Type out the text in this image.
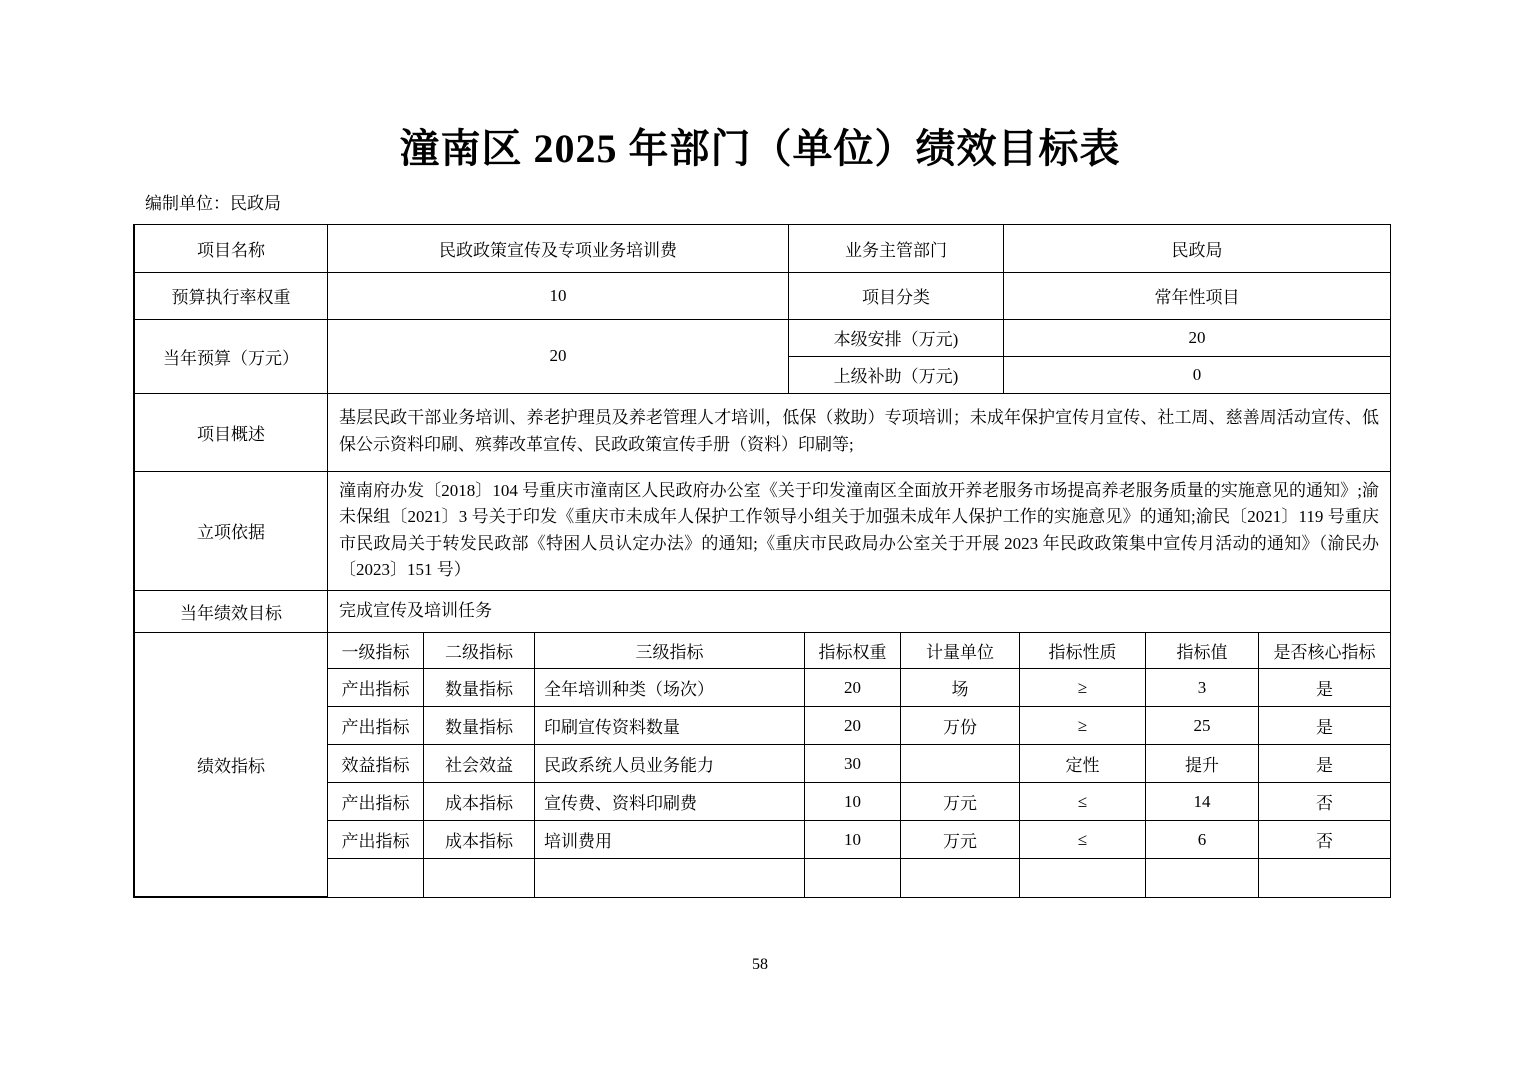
潼南区 2025 年部门（单位）绩效目标表
编制单位：民政局
项目名称	民政政策宣传及专项业务培训费	业务主管部门	民政局
预算执行率权重	10	项目分类	常年性项目
当年预算（万元）	20	本级安排（万元)	20
		上级补助（万元)	0
项目概述	基层民政干部业务培训、养老护理员及养老管理人才培训，低保（救助）专项培训；未成年保护宣传月宣传、社工周、慈善周活动宣传、低保公示资料印刷、殡葬改革宣传、民政政策宣传手册（资料）印刷等;		
立项依据	潼南府办发〔2018〕104 号重庆市潼南区人民政府办公室《关于印发潼南区全面放开养老服务市场提高养老服务质量的实施意见的通知》;渝未保组〔2021〕3 号关于印发《重庆市未成年人保护工作领导小组关于加强未成年人保护工作的实施意见》的通知;渝民〔2021〕119 号重庆市民政局关于转发民政部《特困人员认定办法》的通知;《重庆市民政局办公室关于开展 2023 年民政政策集中宣传月活动的通知》（渝民办〔2023〕151 号）		
当年绩效目标	完成宣传及培训任务		
绩效指标	一级指标	二级指标	三级指标	指标权重	计量单位	指标性质	指标值	是否核心指标
	产出指标	数量指标	全年培训种类（场次）	20	场	≥	3	是
	产出指标	数量指标	印刷宣传资料数量	20	万份	≥	25	是
	效益指标	社会效益	民政系统人员业务能力	30		定性	提升	是
	产出指标	成本指标	宣传费、资料印刷费	10	万元	≤	14	否
	产出指标	成本指标	培训费用	10	万元	≤	6	否

58
